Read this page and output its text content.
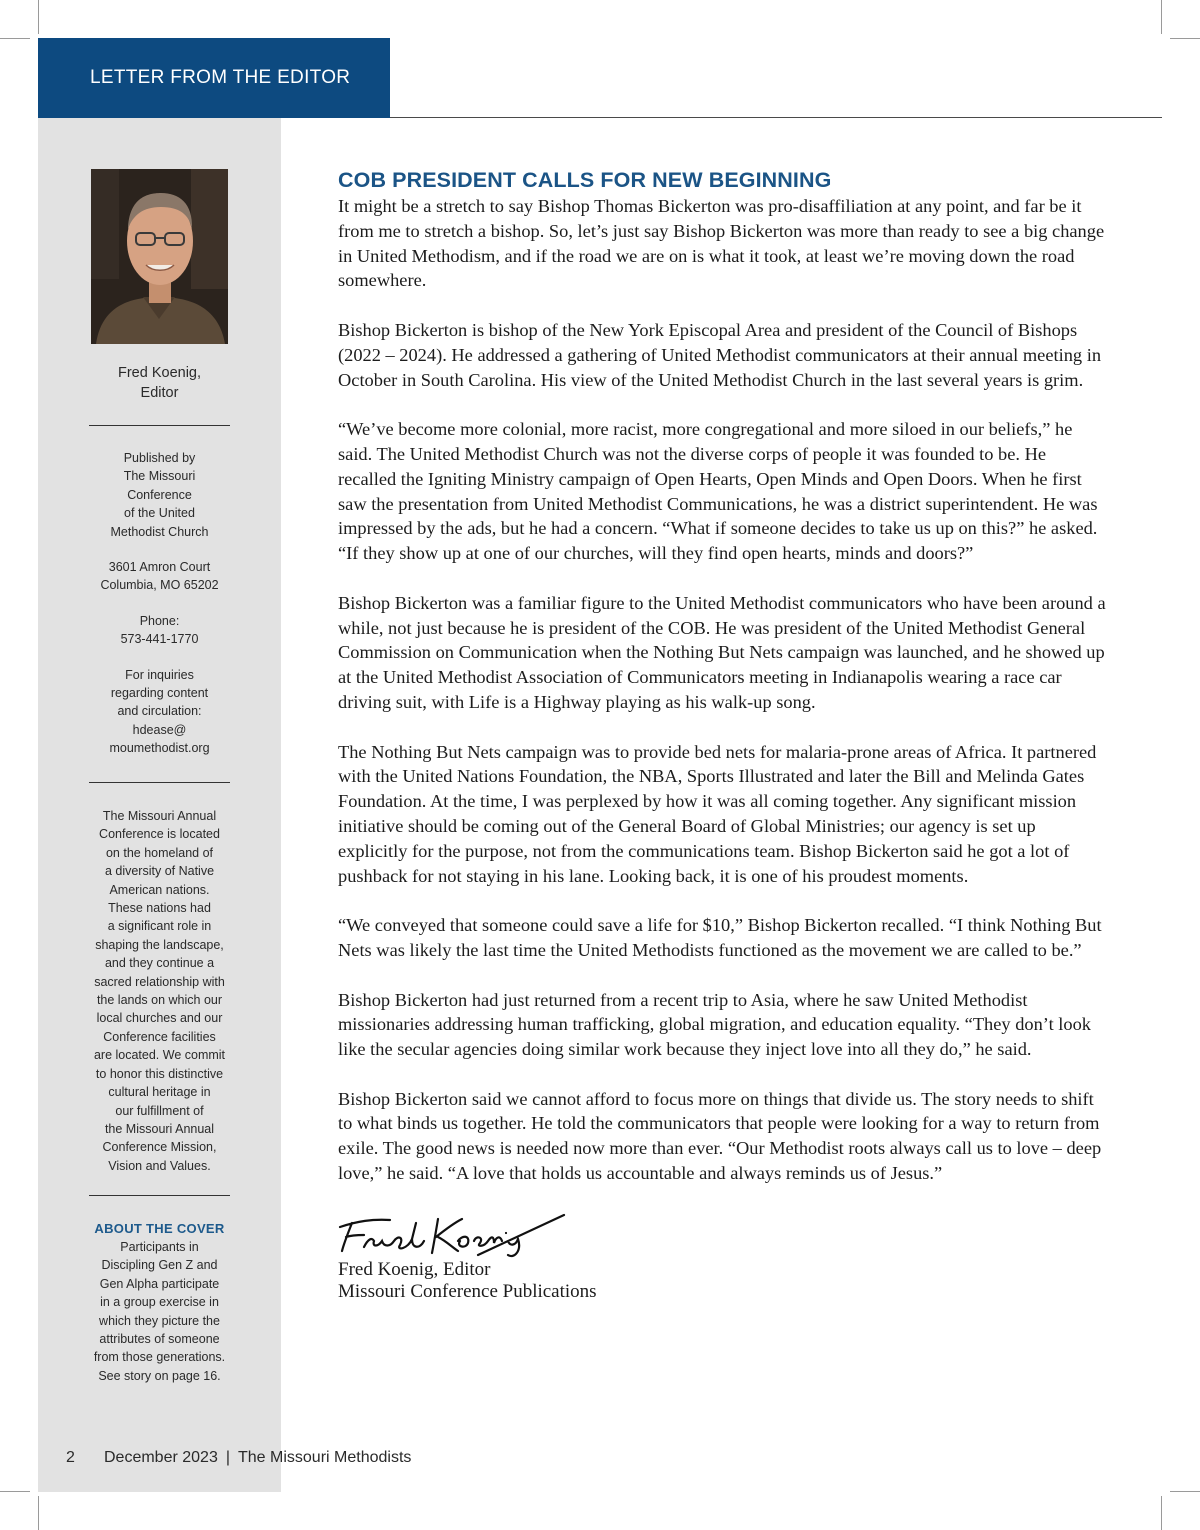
LETTER FROM THE EDITOR
Fred Koenig,
Editor

Published by
The Missouri
Conference
of the United
Methodist Church

3601 Amron Court
Columbia, MO 65202

Phone:
573-441-1770

For inquiries
regarding content
and circulation:
hdease@
moumethodist.org

The Missouri Annual
Conference is located
on the homeland of
a diversity of Native
American nations.
These nations had
a significant role in
shaping the landscape,
and they continue a
sacred relationship with
the lands on which our
local churches and our
Conference facilities
are located. We commit
to honor this distinctive
cultural heritage in
our fulfillment of
the Missouri Annual
Conference Mission,
Vision and Values.
ABOUT THE COVER
Participants in
Discipling Gen Z and
Gen Alpha participate
in a group exercise in
which they picture the
attributes of someone
from those generations.
See story on page 16.
COB PRESIDENT CALLS FOR NEW BEGINNING

It might be a stretch to say Bishop Thomas Bickerton was pro-disaffiliation at any point, and far be it from me to stretch a bishop. So, let’s just say Bishop Bickerton was more than ready to see a big change in United Methodism, and if the road we are on is what it took, at least we’re moving down the road somewhere.

Bishop Bickerton is bishop of the New York Episcopal Area and president of the Council of Bishops (2022 – 2024). He addressed a gathering of United Methodist communicators at their annual meeting in October in South Carolina. His view of the United Methodist Church in the last several years is grim.

“We’ve become more colonial, more racist, more congregational and more siloed in our beliefs,” he said. The United Methodist Church was not the diverse corps of people it was founded to be. He recalled the Igniting Ministry campaign of Open Hearts, Open Minds and Open Doors. When he first saw the presentation from United Methodist Communications, he was a district superintendent. He was impressed by the ads, but he had a concern. “What if someone decides to take us up on this?” he asked. “If they show up at one of our churches, will they find open hearts, minds and doors?”

Bishop Bickerton was a familiar figure to the United Methodist communicators who have been around a while, not just because he is president of the COB. He was president of the United Methodist General Commission on Communication when the Nothing But Nets campaign was launched, and he showed up at the United Methodist Association of Communicators meeting in Indianapolis wearing a race car driving suit, with Life is a Highway playing as his walk-up song.

The Nothing But Nets campaign was to provide bed nets for malaria-prone areas of Africa. It partnered with the United Nations Foundation, the NBA, Sports Illustrated and later the Bill and Melinda Gates Foundation. At the time, I was perplexed by how it was all coming together. Any significant mission initiative should be coming out of the General Board of Global Ministries; our agency is set up explicitly for the purpose, not from the communications team. Bishop Bickerton said he got a lot of pushback for not staying in his lane. Looking back, it is one of his proudest moments.

“We conveyed that someone could save a life for $10,” Bishop Bickerton recalled. “I think Nothing But Nets was likely the last time the United Methodists functioned as the movement we are called to be.”

Bishop Bickerton had just returned from a recent trip to Asia, where he saw United Methodist missionaries addressing human trafficking, global migration, and education equality. “They don’t look like the secular agencies doing similar work because they inject love into all they do,” he said.

Bishop Bickerton said we cannot afford to focus more on things that divide us. The story needs to shift to what binds us together. He told the communicators that people were looking for a way to return from exile. The good news is needed now more than ever. “Our Methodist roots always call us to love – deep love,” he said. “A love that holds us accountable and always reminds us of Jesus.”

Fred Koenig, Editor
Missouri Conference Publications
2	December 2023 | The Missouri Methodists
